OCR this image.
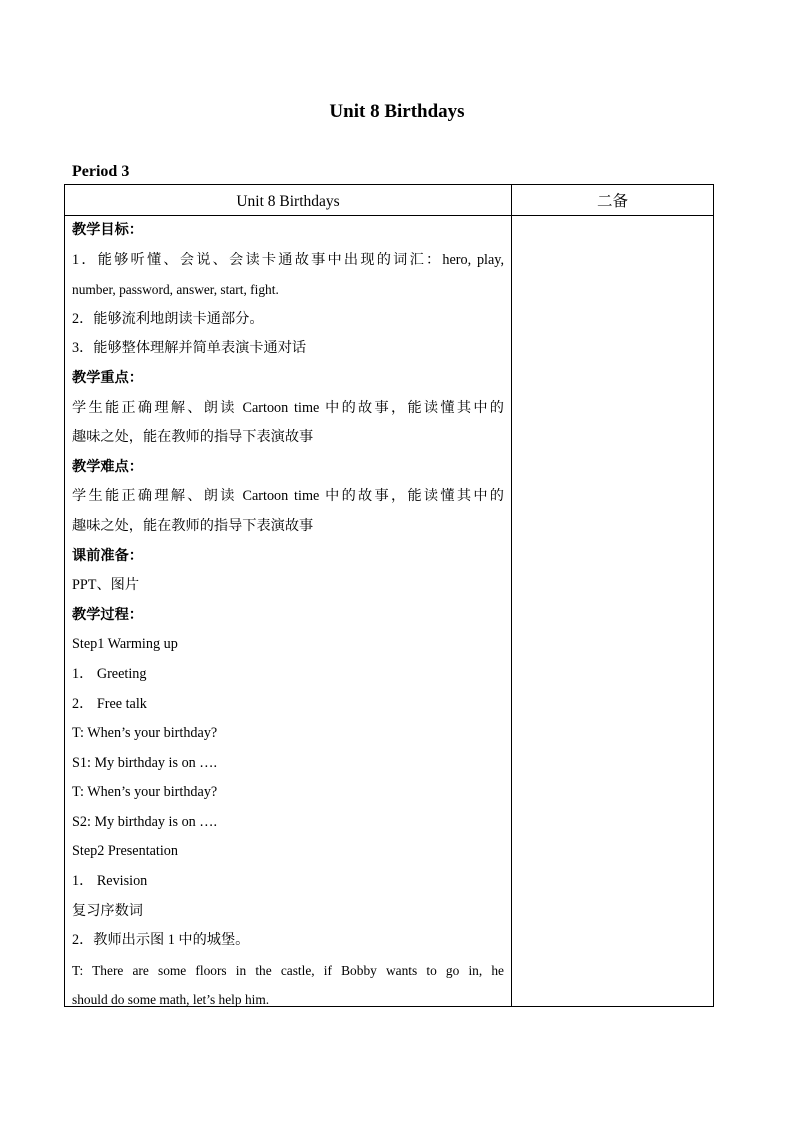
Unit 8 Birthdays
Period 3
Unit 8 Birthdays	二备
教学目标：
1．能够听懂、会说、会读卡通故事中出现的词汇：hero, play,
number, password, answer, start, fight.
2．能够流利地朗读卡通部分。
3．能够整体理解并简单表演卡通对话
教学重点：
学生能正确理解、朗读 Cartoon time 中的故事，能读懂其中的
趣味之处，能在教师的指导下表演故事
教学难点：
学生能正确理解、朗读 Cartoon time 中的故事，能读懂其中的
趣味之处，能在教师的指导下表演故事
课前准备：
PPT、图片
教学过程：
Step1 Warming up
1． Greeting
2． Free talk
T: When’s your birthday?
S1: My birthday is on ….
T: When’s your birthday?
S2: My birthday is on ….
Step2 Presentation
1． Revision
复习序数词
2．教师出示图 1 中的城堡。
T: There are some floors in the castle, if Bobby wants to go in, he
should do some math, let’s help him.
